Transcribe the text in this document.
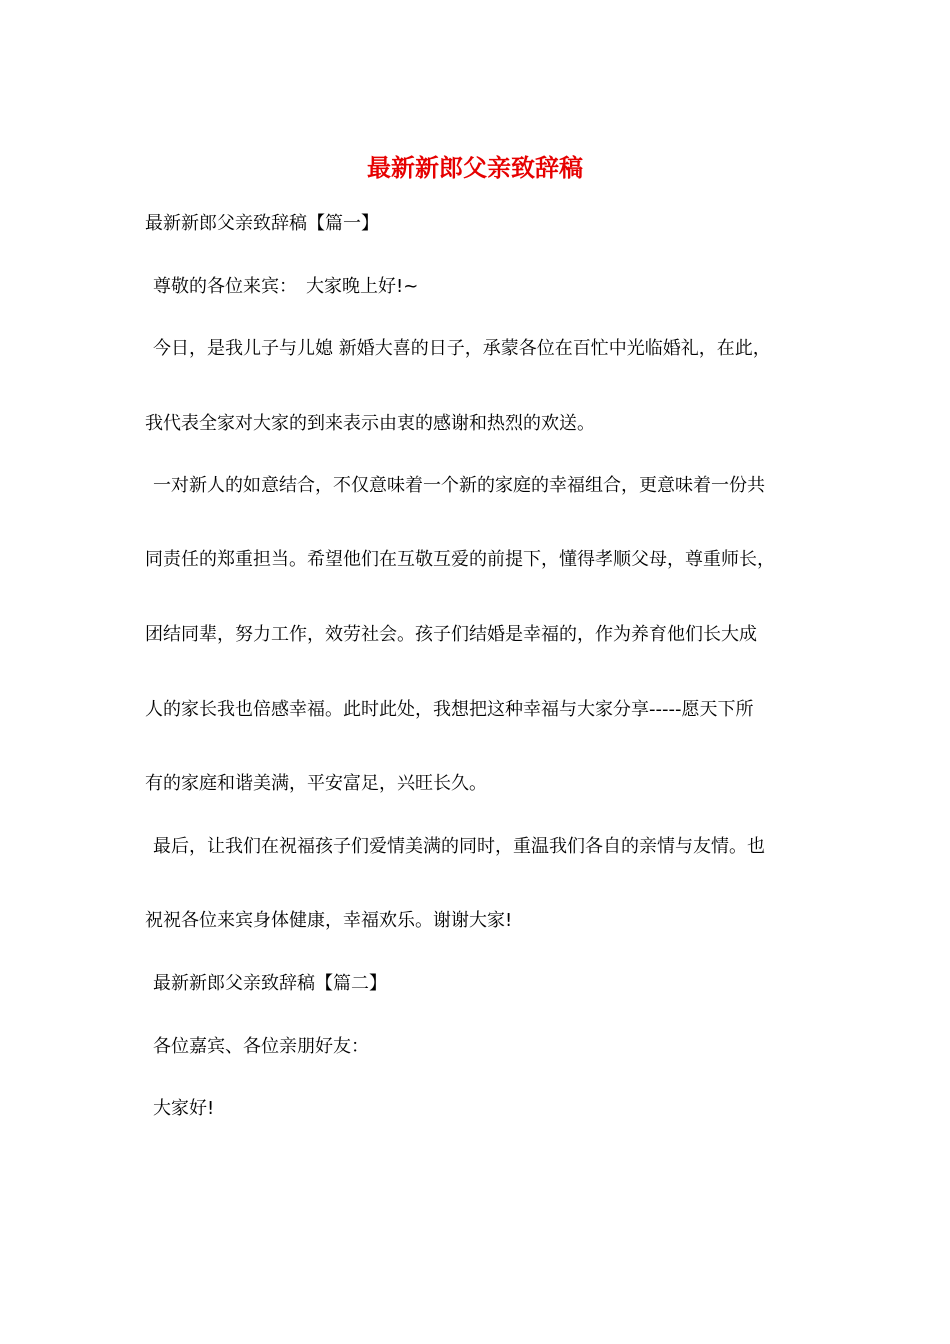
最新新郎父亲致辞稿
最新新郎父亲致辞稿【篇一】
尊敬的各位来宾：　大家晚上好!~
今日，是我儿子与儿媳 新婚大喜的日子，承蒙各位在百忙中光临婚礼，在此，
我代表全家对大家的到来表示由衷的感谢和热烈的欢送。
一对新人的如意结合，不仅意味着一个新的家庭的幸福组合，更意味着一份共
同责任的郑重担当。希望他们在互敬互爱的前提下，懂得孝顺父母，尊重师长，
团结同辈，努力工作，效劳社会。孩子们结婚是幸福的，作为养育他们长大成
人的家长我也倍感幸福。此时此处，我想把这种幸福与大家分享-----愿天下所
有的家庭和谐美满，平安富足，兴旺长久。
最后，让我们在祝福孩子们爱情美满的同时，重温我们各自的亲情与友情。也
祝祝各位来宾身体健康，幸福欢乐。谢谢大家!
最新新郎父亲致辞稿【篇二】
各位嘉宾、各位亲朋好友：
大家好!
